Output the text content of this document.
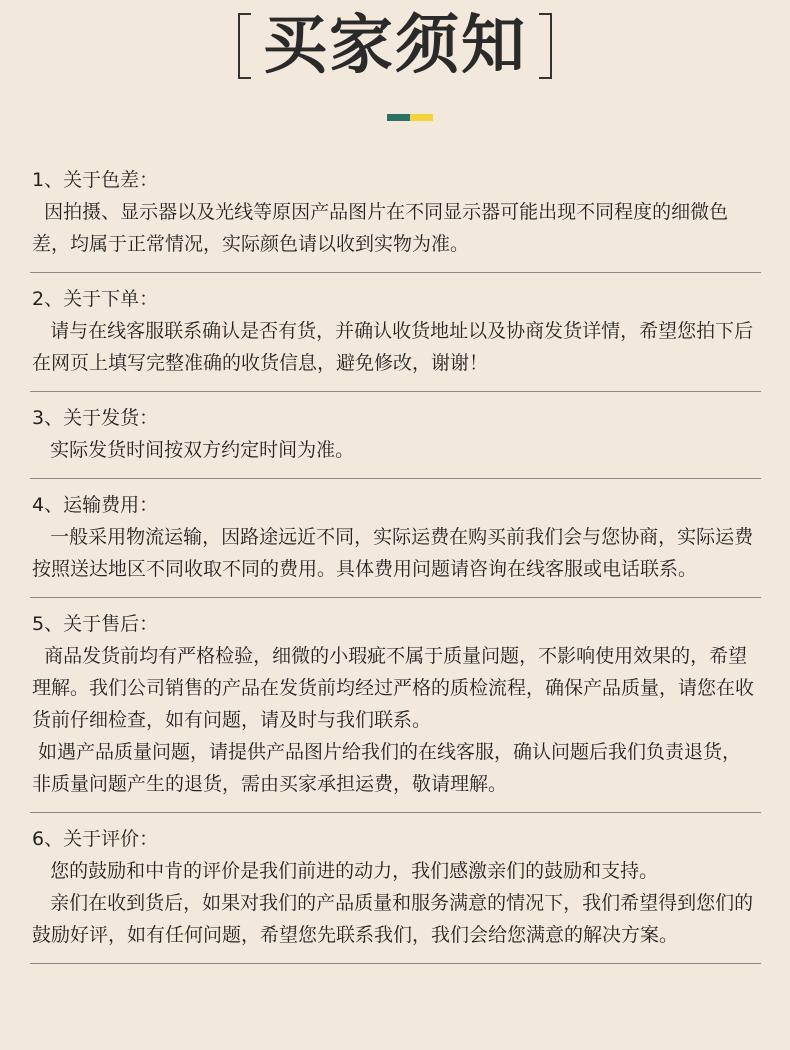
买家须知

1、关于色差：

因拍摄、显示器以及光线等原因产品图片在不同显示器可能出现不同程度的细微色差，均属于正常情况，实际颜色请以收到实物为准。

2、关于下单：

请与在线客服联系确认是否有货，并确认收货地址以及协商发货详情，希望您拍下后在网页上填写完整准确的收货信息，避免修改，谢谢！

3、关于发货：

实际发货时间按双方约定时间为准。

4、运输费用：

一般采用物流运输，因路途远近不同，实际运费在购买前我们会与您协商，实际运费按照送达地区不同收取不同的费用。具体费用问题请咨询在线客服或电话联系。

5、关于售后：

商品发货前均有严格检验，细微的小瑕疵不属于质量问题，不影响使用效果的，希望理解。我们公司销售的产品在发货前均经过严格的质检流程，确保产品质量，请您在收货前仔细检查，如有问题，请及时与我们联系。

如遇产品质量问题，请提供产品图片给我们的在线客服，确认问题后我们负责退货，非质量问题产生的退货，需由买家承担运费，敬请理解。

6、关于评价：

您的鼓励和中肯的评价是我们前进的动力，我们感激亲们的鼓励和支持。

亲们在收到货后，如果对我们的产品质量和服务满意的情况下，我们希望得到您们的鼓励好评，如有任何问题，希望您先联系我们，我们会给您满意的解决方案。
